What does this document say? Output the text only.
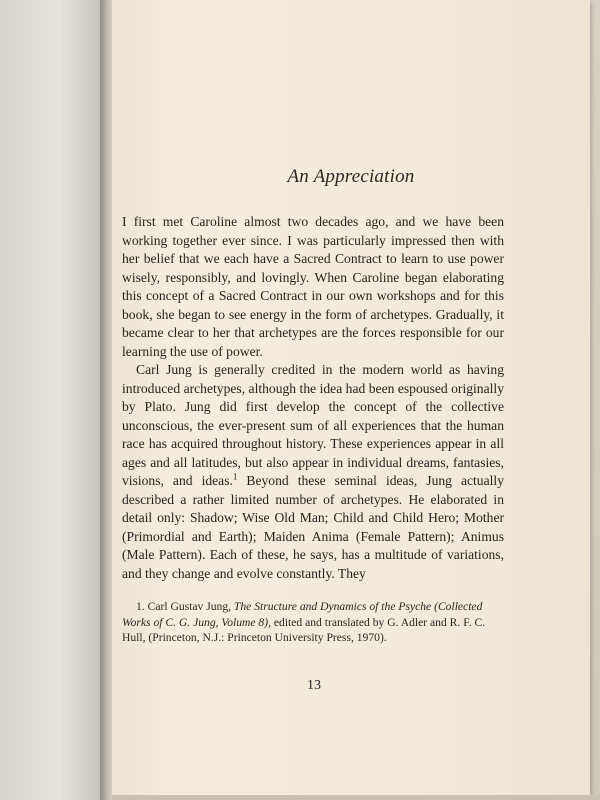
An Appreciation

I first met Caroline almost two decades ago, and we have been working together ever since. I was particularly impressed then with her belief that we each have a Sacred Contract to learn to use power wisely, responsibly, and lovingly. When Caroline began elaborating this concept of a Sacred Contract in our own workshops and for this book, she began to see energy in the form of archetypes. Gradually, it became clear to her that archetypes are the forces responsible for our learning the use of power.

Carl Jung is generally credited in the modern world as having introduced archetypes, although the idea had been espoused originally by Plato. Jung did first develop the concept of the collective unconscious, the ever-present sum of all experiences that the human race has acquired throughout history. These experiences appear in all ages and all latitudes, but also appear in individual dreams, fantasies, visions, and ideas.$^1$ Beyond these seminal ideas, Jung actually described a rather limited number of archetypes. He elaborated in detail only: Shadow; Wise Old Man; Child and Child Hero; Mother (Primordial and Earth); Maiden Anima (Female Pattern); Animus (Male Pattern). Each of these, he says, has a multitude of variations, and they change and evolve constantly. They

1. Carl Gustav Jung, The Structure and Dynamics of the Psyche (Collected Works of C. G. Jung, Volume 8), edited and translated by G. Adler and R. F. C. Hull, (Princeton, N.J.: Princeton University Press, 1970).
13
